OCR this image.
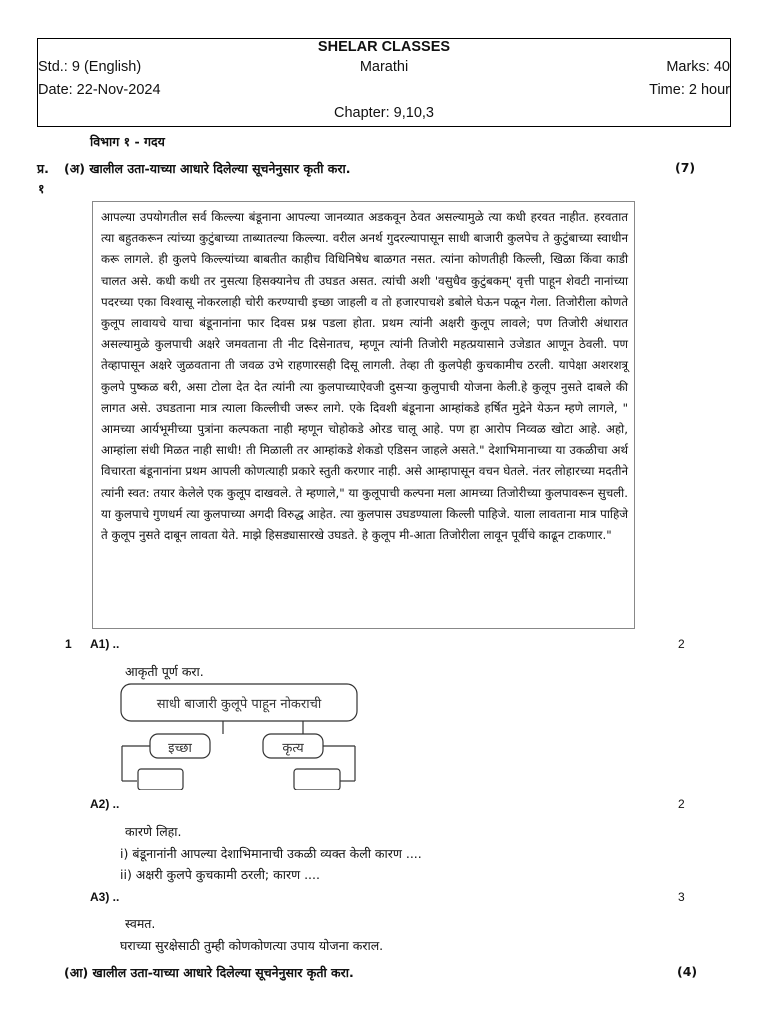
SHELAR CLASSES
Std.: 9 (English)	Marathi	Marks: 40
Date: 22-Nov-2024	Time: 2 hour
Chapter: 9,10,3
विभाग १ - गदय
प्र.
१
(अ) खालील उता-याच्या आधारे दिलेल्या सूचनेनुसार कृती करा.	(7)

आपल्या उपयोगतील सर्व किल्ल्या बंडूनाना आपल्या जानव्यात अडकवून ठेवत असल्यामुळे त्या कधी हरवत नाहीत. हरवतात त्या बहुतकरून त्यांच्या कुटुंबाच्या ताब्यातल्या किल्ल्या. वरील अनर्थ गुदरल्यापासून साधी बाजारी कुलपेच ते कुटुंबाच्या स्वाधीन करू लागले. ही कुलपे किल्ल्यांच्या बाबतीत काहीच विधिनिषेध बाळगत नसत. त्यांना कोणतीही किल्ली, खिळा किंवा काडी चालत असे. कधी कधी तर नुसत्या हिसक्यानेच ती उघडत असत. त्यांची अशी 'वसुधैव कुटुंबकम्' वृत्ती पाहून शेवटी नानांच्या पदरच्या एका विश्वासू नोकरलाही चोरी करण्याची इच्छा जाहली व तो हजारपाचशे डबोले घेऊन पळून गेला. तिजोरीला कोणते कुलूप लावायचे याचा बंडूनानांना फार दिवस प्रश्न पडला होता. प्रथम त्यांनी अक्षरी कुलूप लावले; पण तिजोरी अंधारात असल्यामुळे कुलपाची अक्षरे जमवताना ती नीट दिसेनातच, म्हणून त्यांनी तिजोरी महत्प्रयासाने उजेडात आणून ठेवली. पण तेव्हापासून अक्षरे जुळवताना ती जवळ उभे राहणारसही दिसू लागली. तेव्हा ती कुलपेही कुचकामीच ठरली. यापेक्षा अशरशत्रू कुलपे पुष्कळ बरी, असा टोला देत देत त्यांनी त्या कुलपाच्याऐवजी दुसऱ्या कुलुपाची योजना केली.हे कुलूप नुसते दाबले की लागत असे. उघडताना मात्र त्याला किल्लीची जरूर लागे. एके दिवशी बंडूनाना आम्हांकडे हर्षित मुद्रेने येऊन म्हणे लागले, " आमच्या आर्यभूमीच्या पुत्रांना कल्पकता नाही म्हणून चोहोकडे ओरड चालू आहे. पण हा आरोप निव्वळ खोटा आहे. अहो, आम्हांला संधी मिळत नाही साधी! ती मिळाली तर आम्हांकडे शेकडो एडिसन जाहले असते." देशाभिमानाच्या या उकळीचा अर्थ विचारता बंडूनानांना प्रथम आपली कोणत्याही प्रकारे स्तुती करणार नाही. असे आम्हापासून वचन घेतले. नंतर लोहारच्या मदतीने त्यांनी स्वत: तयार केलेले एक कुलूप दाखवले. ते म्हणाले," या कुलूपाची कल्पना मला आमच्या तिजोरीच्या कुलपावरून सुचली. या कुलपाचे गुणधर्म त्या कुलपाच्या अगदी विरुद्ध आहेत. त्या कुलपास उघडण्याला किल्ली पाहिजे. याला लावताना मात्र पाहिजे ते कुलूप नुसते दाबून लावता येते. माझे हिसड्यासारखे उघडते. हे कुलूप मी-आता तिजोरीला लावून पूर्वीचे काढून टाकणार."

1 A1) ..	2
आकृती पूर्ण करा.
साधी बाजारी कुलूपे पाहून नोकराची
इच्छा	कृत्य
A2) ..	2
कारणे लिहा.
i) बंडूनानांनी आपल्या देशाभिमानाची उकळी व्यक्त केली कारण ....
ii) अक्षरी कुलपे कुचकामी ठरली; कारण ....
A3) ..	3
स्वमत.
घराच्या सुरक्षेसाठी तुम्ही कोणकोणत्या उपाय योजना कराल.
(आ) खालील उता-याच्या आधारे दिलेल्या सूचनेनुसार कृती करा.	(4)
